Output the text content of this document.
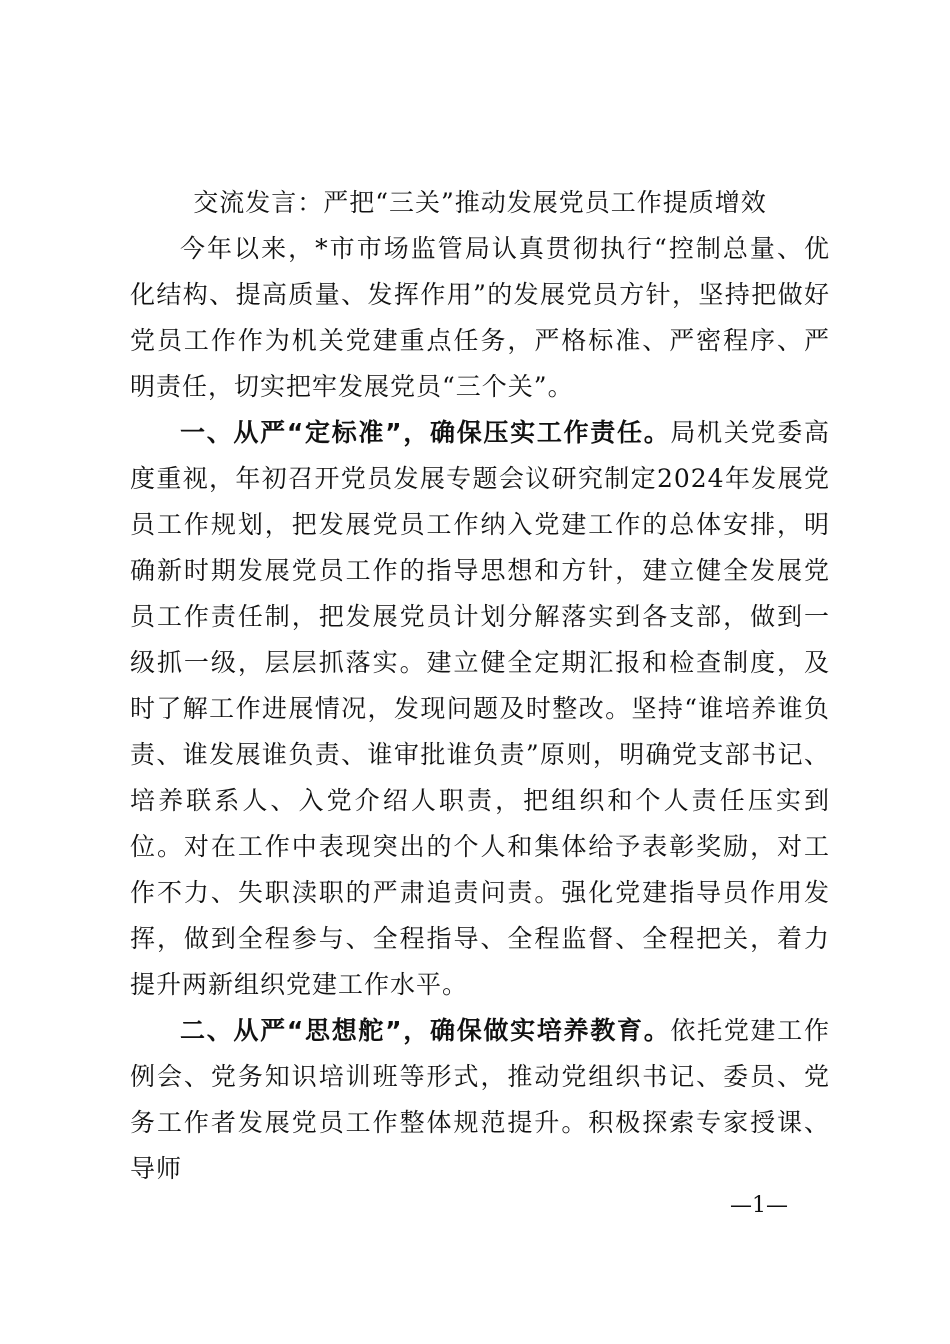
交流发言：严把“三关”推动发展党员工作提质增效

今年以来，*市市场监管局认真贯彻执行“控制总量、优化结构、提高质量、发挥作用”的发展党员方针，坚持把做好党员工作作为机关党建重点任务，严格标准、严密程序、严明责任，切实把牢发展党员“三个关”。

一、从严“定标准”，确保压实工作责任。局机关党委高度重视，年初召开党员发展专题会议研究制定2024年发展党员工作规划，把发展党员工作纳入党建工作的总体安排，明确新时期发展党员工作的指导思想和方针，建立健全发展党员工作责任制，把发展党员计划分解落实到各支部，做到一级抓一级，层层抓落实。建立健全定期汇报和检查制度，及时了解工作进展情况，发现问题及时整改。坚持“谁培养谁负责、谁发展谁负责、谁审批谁负责”原则，明确党支部书记、培养联系人、入党介绍人职责，把组织和个人责任压实到位。对在工作中表现突出的个人和集体给予表彰奖励，对工作不力、失职渎职的严肃追责问责。强化党建指导员作用发挥，做到全程参与、全程指导、全程监督、全程把关，着力提升两新组织党建工作水平。

二、从严“思想舵”，确保做实培养教育。依托党建工作例会、党务知识培训班等形式，推动党组织书记、委员、党务工作者发展党员工作整体规范提升。积极探索专家授课、导师

—1—
